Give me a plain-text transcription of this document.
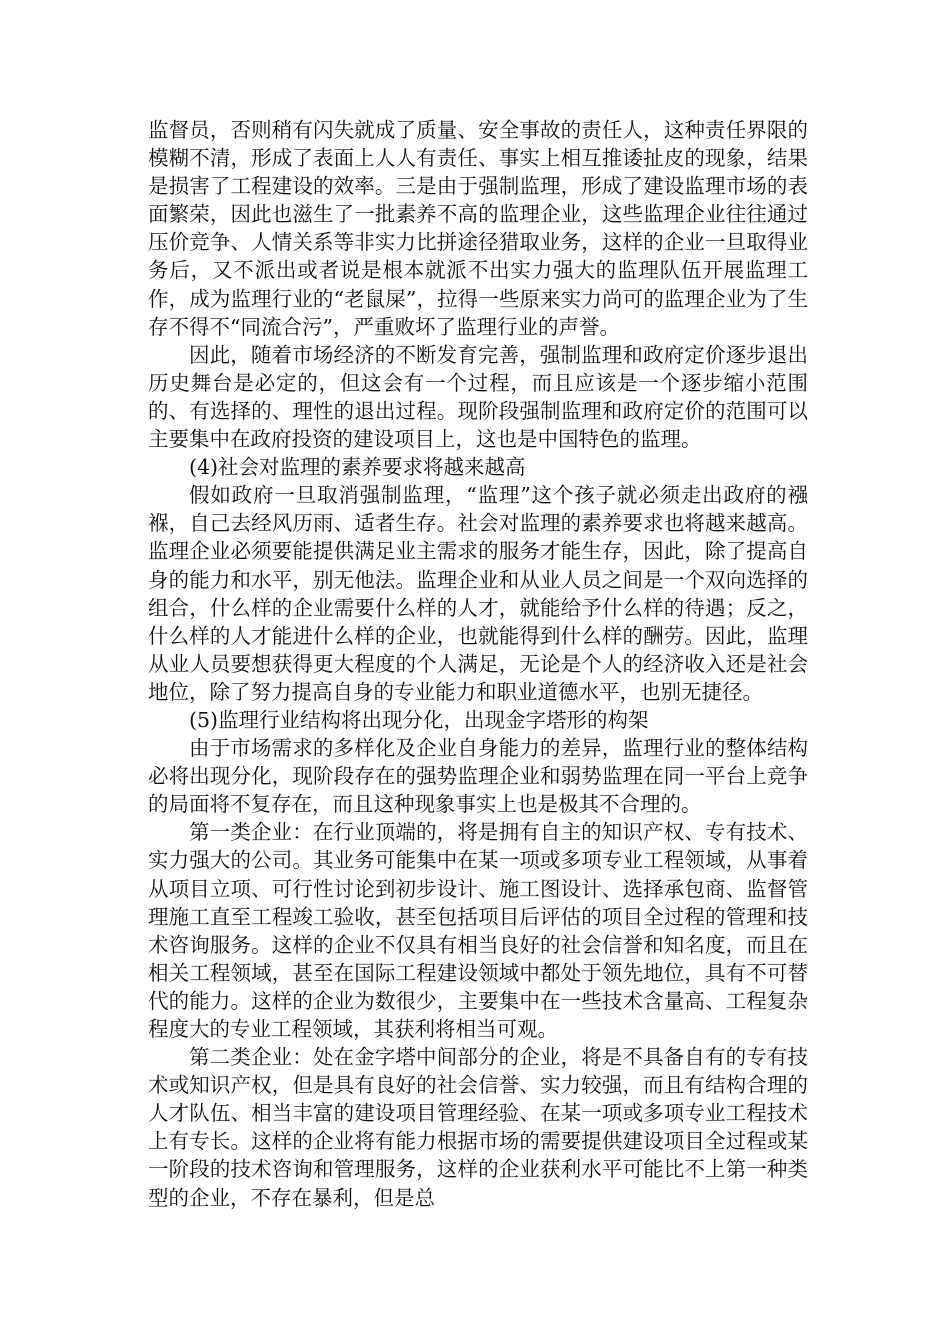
监督员，否则稍有闪失就成了质量、安全事故的责任人，这种责任界限的模糊不清，形成了表面上人人有责任、事实上相互推诿扯皮的现象，结果是损害了工程建设的效率。三是由于强制监理，形成了建设监理市场的表面繁荣，因此也滋生了一批素养不高的监理企业，这些监理企业往往通过压价竞争、人情关系等非实力比拼途径猎取业务，这样的企业一旦取得业务后，又不派出或者说是根本就派不出实力强大的监理队伍开展监理工作，成为监理行业的“老鼠屎”，拉得一些原来实力尚可的监理企业为了生存不得不“同流合污”，严重败坏了监理行业的声誉。

因此，随着市场经济的不断发育完善，强制监理和政府定价逐步退出历史舞台是必定的，但这会有一个过程，而且应该是一个逐步缩小范围的、有选择的、理性的退出过程。现阶段强制监理和政府定价的范围可以主要集中在政府投资的建设项目上，这也是中国特色的监理。

(4)社会对监理的素养要求将越来越高

假如政府一旦取消强制监理，“监理”这个孩子就必须走出政府的襁褓，自己去经风历雨、适者生存。社会对监理的素养要求也将越来越高。监理企业必须要能提供满足业主需求的服务才能生存，因此，除了提高自身的能力和水平，别无他法。监理企业和从业人员之间是一个双向选择的组合，什么样的企业需要什么样的人才，就能给予什么样的待遇；反之，什么样的人才能进什么样的企业，也就能得到什么样的酬劳。因此，监理从业人员要想获得更大程度的个人满足，无论是个人的经济收入还是社会地位，除了努力提高自身的专业能力和职业道德水平，也别无捷径。

(5)监理行业结构将出现分化，出现金字塔形的构架

由于市场需求的多样化及企业自身能力的差异，监理行业的整体结构必将出现分化，现阶段存在的强势监理企业和弱势监理在同一平台上竞争的局面将不复存在，而且这种现象事实上也是极其不合理的。

第一类企业：在行业顶端的，将是拥有自主的知识产权、专有技术、实力强大的公司。其业务可能集中在某一项或多项专业工程领域，从事着从项目立项、可行性讨论到初步设计、施工图设计、选择承包商、监督管理施工直至工程竣工验收，甚至包括项目后评估的项目全过程的管理和技术咨询服务。这样的企业不仅具有相当良好的社会信誉和知名度，而且在相关工程领域，甚至在国际工程建设领域中都处于领先地位，具有不可替代的能力。这样的企业为数很少，主要集中在一些技术含量高、工程复杂程度大的专业工程领域，其获利将相当可观。

第二类企业：处在金字塔中间部分的企业，将是不具备自有的专有技术或知识产权，但是具有良好的社会信誉、实力较强，而且有结构合理的人才队伍、相当丰富的建设项目管理经验、在某一项或多项专业工程技术上有专长。这样的企业将有能力根据市场的需要提供建设项目全过程或某一阶段的技术咨询和管理服务，这样的企业获利水平可能比不上第一种类型的企业，不存在暴利，但是总
